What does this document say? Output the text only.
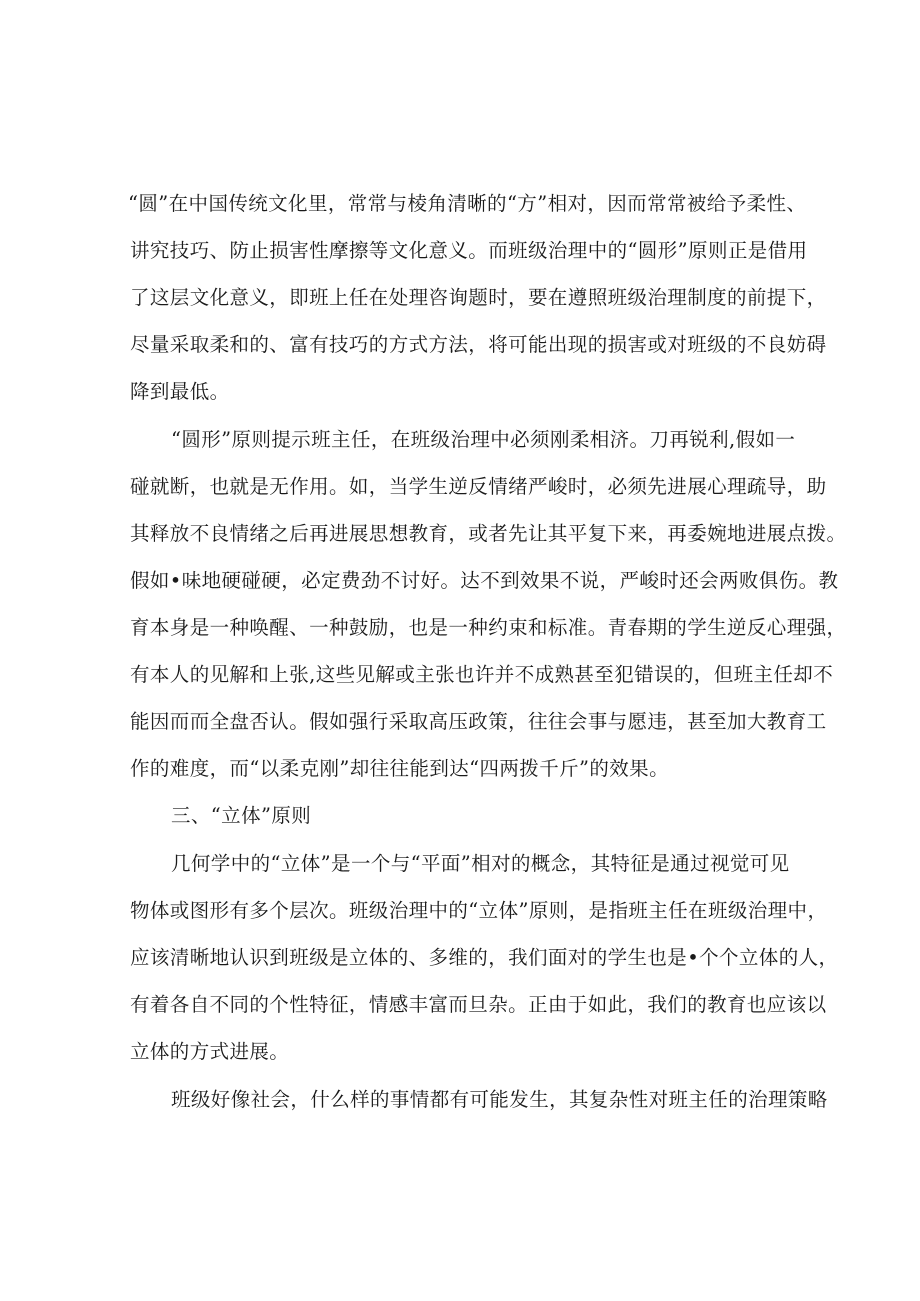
“圆”在中国传统文化里，常常与棱角清晰的“方”相对，因而常常被给予柔性、
讲究技巧、防止损害性摩擦等文化意义。而班级治理中的“圆形”原则正是借用
了这层文化意义，即班上任在处理咨询题时，要在遵照班级治理制度的前提下，
尽量采取柔和的、富有技巧的方式方法，将可能出现的损害或对班级的不良妨碍
降到最低。
“圆形”原则提示班主任，在班级治理中必须刚柔相济。刀再锐利,假如一
碰就断，也就是无作用。如，当学生逆反情绪严峻时，必须先进展心理疏导，助
其释放不良情绪之后再进展思想教育，或者先让其平复下来，再委婉地进展点拨。
假如•味地硬碰硬，必定费劲不讨好。达不到效果不说，严峻时还会两败俱伤。教
育本身是一种唤醒、一种鼓励，也是一种约束和标准。青春期的学生逆反心理强，
有本人的见解和上张,这些见解或主张也许并不成熟甚至犯错误的，但班主任却不
能因而而全盘否认。假如强行采取高压政策，往往会事与愿违，甚至加大教育工
作的难度，而“以柔克刚”却往往能到达“四两拨千斤”的效果。
三、“立体”原则
几何学中的“立体”是一个与“平面”相对的概念，其特征是通过视觉可见
物体或图形有多个层次。班级治理中的“立体”原则，是指班主任在班级治理中，
应该清晰地认识到班级是立体的、多维的，我们面对的学生也是•个个立体的人，
有着各自不同的个性特征，情感丰富而旦杂。正由于如此，我们的教育也应该以
立体的方式进展。
班级好像社会，什么样的事情都有可能发生，其复杂性对班主任的治理策略
